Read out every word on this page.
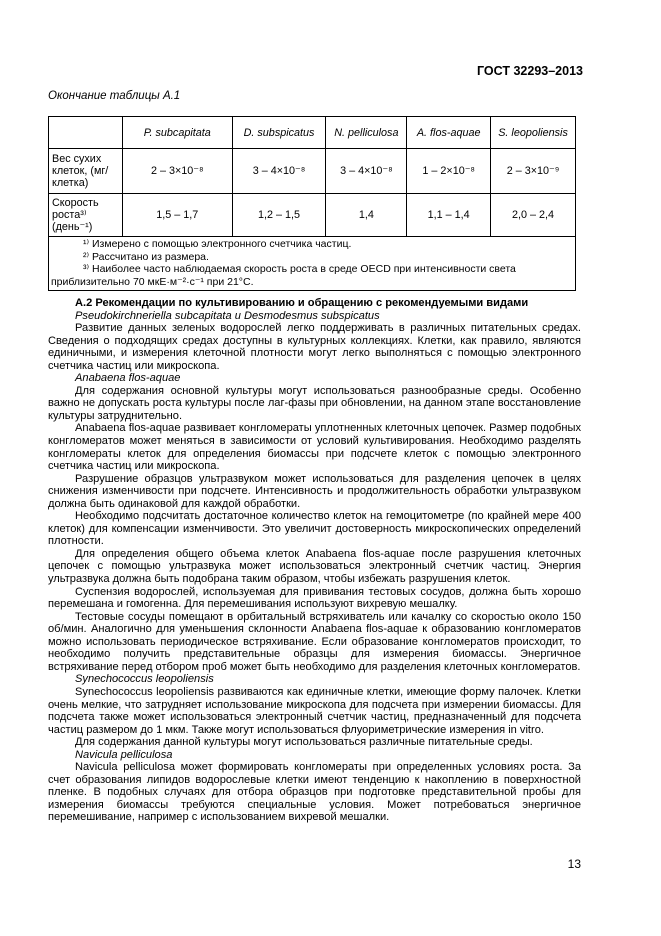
ГОСТ 32293–2013
Окончание таблицы А.1
	P. subcapitata	D. subspicatus	N. pelliculosa	A. flos-aquae	S. leopoliensis
Вес сухих клеток, (мг/клетка)	2 – 3×10⁻⁸	3 – 4×10⁻⁸	3 – 4×10⁻⁸	1 – 2×10⁻⁸	2 – 3×10⁻⁹
Скорость роста³⁾ (день⁻¹)	1,5 – 1,7	1,2 – 1,5	1,4	1,1 – 1,4	2,0 – 2,4

¹⁾ Измерено с помощью электронного счетчика частиц.
²⁾ Рассчитано из размера.
³⁾ Наиболее часто наблюдаемая скорость роста в среде OECD при интенсивности света приблизительно 70 мкЕ·м⁻²·с⁻¹ при 21°C.					

А.2 Рекомендации по культивированию и обращению с рекомендуемыми видами

Pseudokirchneriella subcapitata и Desmodesmus subspicatus

Развитие данных зеленых водорослей легко поддерживать в различных питательных средах. Сведения о подходящих средах доступны в культурных коллекциях. Клетки, как правило, являются единичными, и измерения клеточной плотности могут легко выполняться с помощью электронного счетчика частиц или микроскопа.

Anabaena flos-aquae

Для содержания основной культуры могут использоваться разнообразные среды. Особенно важно не допускать роста культуры после лаг-фазы при обновлении, на данном этапе восстановление культуры затруднительно.

Anabaena flos-aquae развивает конгломераты уплотненных клеточных цепочек. Размер подобных конгломератов может меняться в зависимости от условий культивирования. Необходимо разделять конгломераты клеток для определения биомассы при подсчете клеток с помощью электронного счетчика частиц или микроскопа.

Разрушение образцов ультразвуком может использоваться для разделения цепочек в целях снижения изменчивости при подсчете. Интенсивность и продолжительность обработки ультразвуком должна быть одинаковой для каждой обработки.

Необходимо подсчитать достаточное количество клеток на гемоцитометре (по крайней мере 400 клеток) для компенсации изменчивости. Это увеличит достоверность микроскопических определений плотности.

Для определения общего объема клеток Anabaena flos-aquae после разрушения клеточных цепочек с помощью ультразвука может использоваться электронный счетчик частиц. Энергия ультразвука должна быть подобрана таким образом, чтобы избежать разрушения клеток.

Суспензия водорослей, используемая для прививания тестовых сосудов, должна быть хорошо перемешана и гомогенна. Для перемешивания используют вихревую мешалку.

Тестовые сосуды помещают в орбитальный встряхиватель или качалку со скоростью около 150 об/мин. Аналогично для уменьшения склонности Anabaena flos-aquae к образованию конгломератов можно использовать периодическое встряхивание. Если образование конгломератов происходит, то необходимо получить представительные образцы для измерения биомассы. Энергичное встряхивание перед отбором проб может быть необходимо для разделения клеточных конгломератов.

Synechococcus leopoliensis

Synechococcus leopoliensis развиваются как единичные клетки, имеющие форму палочек. Клетки очень мелкие, что затрудняет использование микроскопа для подсчета при измерении биомассы. Для подсчета также может использоваться электронный счетчик частиц, предназначенный для подсчета частиц размером до 1 мкм. Также могут использоваться флуориметрические измерения in vitro.

Для содержания данной культуры могут использоваться различные питательные среды.

Navicula pelliculosa

Navicula pelliculosa может формировать конгломераты при определенных условиях роста. За счет образования липидов водорослевые клетки имеют тенденцию к накоплению в поверхностной пленке. В подобных случаях для отбора образцов при подготовке представительной пробы для измерения биомассы требуются специальные условия. Может потребоваться энергичное перемешивание, например с использованием вихревой мешалки.

13
